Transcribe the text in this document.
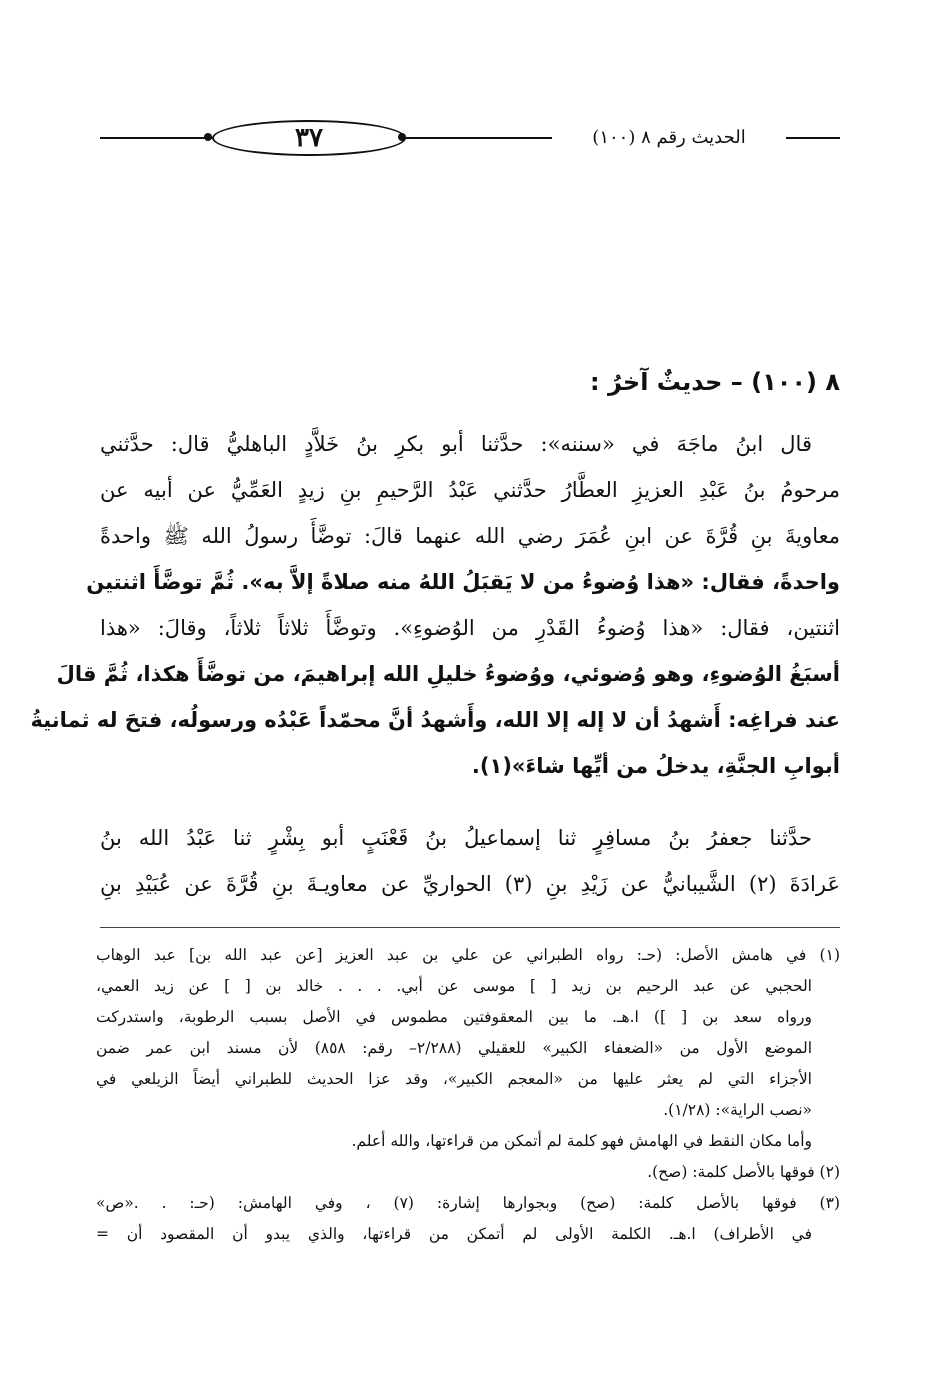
٣٧	الحديث رقم ٨ (١٠٠)
٨ (١٠٠) – حديثٌ آخرُ :
قال ابنُ ماجَهَ في «سننه»: حدَّثنا أبو بكرِ بنُ خَلاَّدٍ الباهليُّ قال: حدَّثني
مرحومُ بنُ عَبْدِ العزيزِ العطَّارُ حدَّثني عَبْدُ الرَّحيمِ بنِ زيدٍ العَمِّيُّ عن أبيه عن
معاويةَ بنِ قُرَّةَ عن ابنِ عُمَرَ رضي الله عنهما قالَ: توضَّأَ رسولُ الله ﷺ واحدةً
واحدةً، فقال: «هذا وُضوءُ من لا يَقبَلُ اللهُ منه صلاةً إلاَّ به». ثُمَّ توضَّأَ اثنتين
اثنتين، فقال: «هذا وُضوءُ القَدْرِ من الوُضوءِ». وتوضَّأَ ثلاثاً ثلاثاً، وقالَ: «هذا
أسبَغُ الوُضوءِ، وهو وُضوئي، ووُضوءُ خليلِ الله إبراهيمَ، من توضَّأَ هكذا، ثُمَّ قالَ
عند فراغِه: أَشهدُ أن لا إله إلا الله، وأَشهدُ أنَّ محمّداً عَبْدُه ورسولُه، فتحَ له ثمانيةُ
أبوابِ الجنَّةِ، يدخلُ من أيِّها شاءَ»(١).
حدَّثنا جعفرُ بنُ مسافِرٍ ثنا إسماعيلُ بنُ قَعْنَبٍ أبو بِشْرٍ ثنا عَبْدُ الله بنُ
عَرادَةَ (٢) الشَّيبانيُّ عن زَيْدِ بنِ (٣) الحواريِّ عن معاويـةَ بنِ قُرَّةَ عن عُبَيْدِ بنِ
(١) في هامش الأصل: (حـ: رواه الطبراني عن علي بن عبد العزيز [عن عبد الله بن] عبد الوهاب
الحجبي عن عبد الرحيم بن زيد [ ] موسى عن أبي. . . . خالد بن [ ] عن زيد العمي،
ورواه سعد بن [ ]) ا.هـ. ما بين المعقوفتين مطموس في الأصل بسبب الرطوبة، واستدركت
الموضع الأول من «الضعفاء الكبير» للعقيلي (٢/٢٨٨– رقم: ٨٥٨) لأن مسند ابن عمر ضمن
الأجزاء التي لم يعثر عليها من «المعجم الكبير»، وقد عزا الحديث للطبراني أيضاً الزيلعي في
«نصب الراية»: (١/٢٨).
وأما مكان النقط في الهامش فهو كلمة لم أتمكن من قراءتها، والله أعلم.
(٢) فوقها بالأصل كلمة: (صح).
(٣) فوقها بالأصل كلمة: (صح) وبجوارها إشارة: (٧) ، وفي الهامش: (حـ: . .«ص»
في الأطراف) ا.هـ. الكلمة الأولى لم أتمكن من قراءتها، والذي يبدو أن المقصود أن =
